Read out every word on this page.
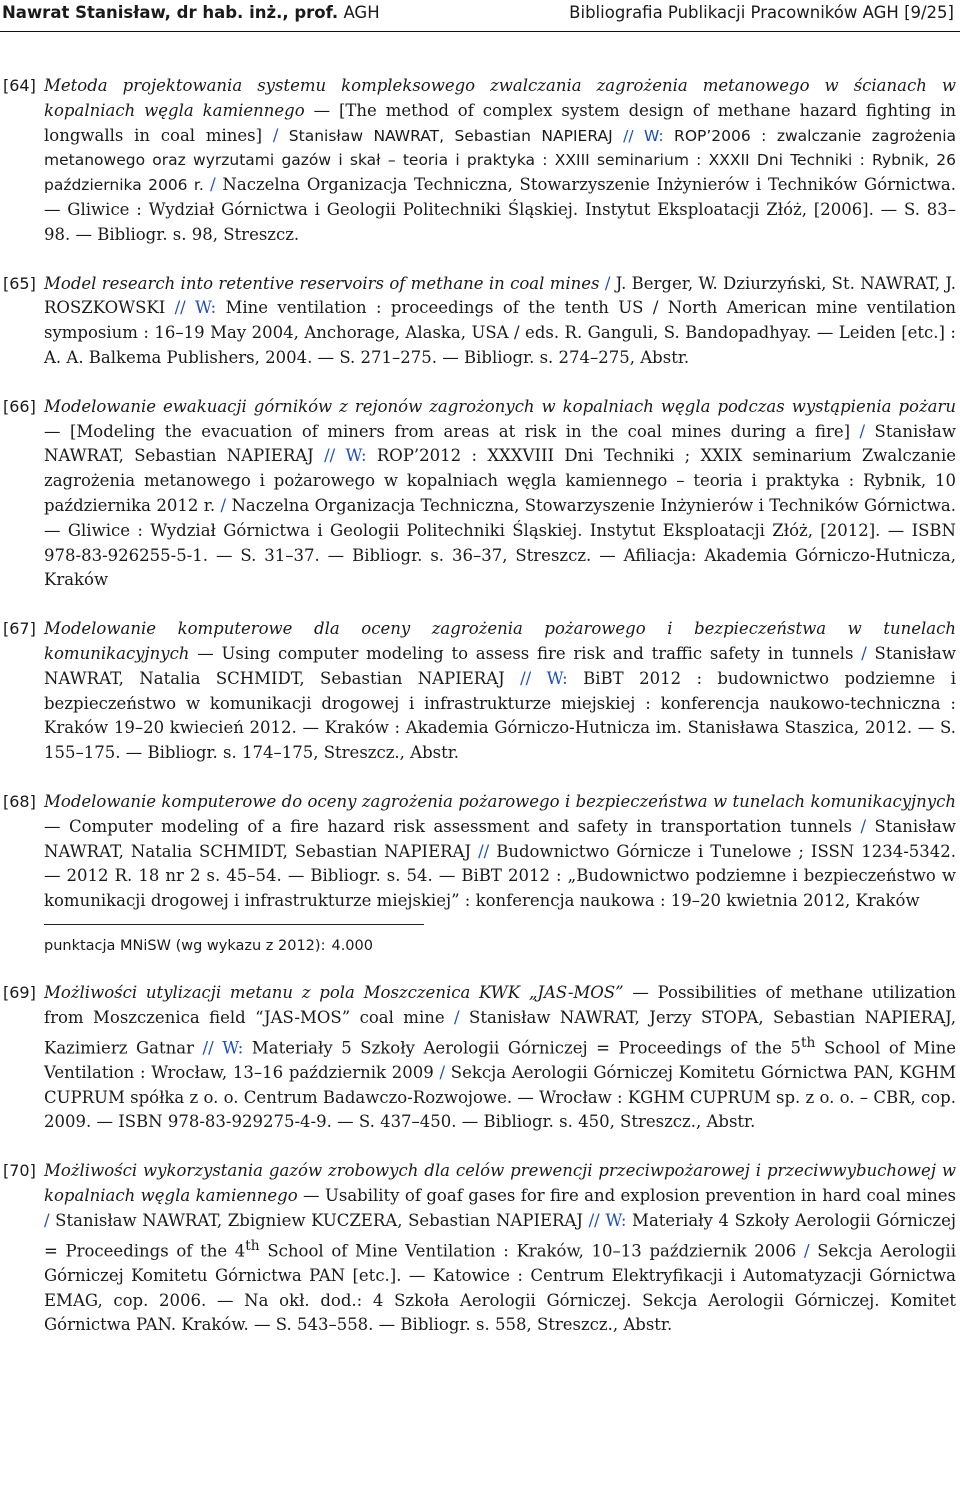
Nawrat Stanisław, dr hab. inż., prof. AGH	Bibliografia Publikacji Pracowników AGH [9/25]
[64] Metoda projektowania systemu kompleksowego zwalczania zagrożenia metanowego w ścianach w kopalniach węgla kamiennego — [The method of complex system design of methane hazard fighting in longwalls in coal mines] / Stanisław NAWRAT, Sebastian NAPIERAJ // W: ROP’2006 : zwalczanie zagrożenia metanowego oraz wyrzutami gazów i skał – teoria i praktyka : XXIII seminarium : XXXII Dni Techniki : Rybnik, 26 października 2006 r. / Naczelna Organizacja Techniczna, Stowarzyszenie Inżynierów i Techników Górnictwa. — Gliwice : Wydział Górnictwa i Geologii Politechniki Śląskiej. Instytut Eksploatacji Złóż, [2006]. — S. 83–98. — Bibliogr. s. 98, Streszcz.
[65] Model research into retentive reservoirs of methane in coal mines / J. Berger, W. Dziurzyński, St. NAWRAT, J. ROSZKOWSKI // W: Mine ventilation : proceedings of the tenth US / North American mine ventilation symposium : 16–19 May 2004, Anchorage, Alaska, USA / eds. R. Ganguli, S. Bandopadhyay. — Leiden [etc.] : A. A. Balkema Publishers, 2004. — S. 271–275. — Bibliogr. s. 274–275, Abstr.
[66] Modelowanie ewakuacji górników z rejonów zagrożonych w kopalniach węgla podczas wystąpienia pożaru — [Modeling the evacuation of miners from areas at risk in the coal mines during a fire] / Stanisław NAWRAT, Sebastian NAPIERAJ // W: ROP’2012 : XXXVIII Dni Techniki ; XXIX seminarium Zwalczanie zagrożenia metanowego i pożarowego w kopalniach węgla kamiennego – teoria i praktyka : Rybnik, 10 października 2012 r. / Naczelna Organizacja Techniczna, Stowarzyszenie Inżynierów i Techników Górnictwa. — Gliwice : Wydział Górnictwa i Geologii Politechniki Śląskiej. Instytut Eksploatacji Złóż, [2012]. — ISBN 978-83-926255-5-1. — S. 31–37. — Bibliogr. s. 36–37, Streszcz. — Afiliacja: Akademia Górniczo-Hutnicza, Kraków
[67] Modelowanie komputerowe dla oceny zagrożenia pożarowego i bezpieczeństwa w tunelach komunikacyjnych — Using computer modeling to assess fire risk and traffic safety in tunnels / Stanisław NAWRAT, Natalia SCHMIDT, Sebastian NAPIERAJ // W: BiBT 2012 : budownictwo podziemne i bezpieczeństwo w komunikacji drogowej i infrastrukturze miejskiej : konferencja naukowo-techniczna : Kraków 19–20 kwiecień 2012. — Kraków : Akademia Górniczo-Hutnicza im. Stanisława Staszica, 2012. — S. 155–175. — Bibliogr. s. 174–175, Streszcz., Abstr.
[68] Modelowanie komputerowe do oceny zagrożenia pożarowego i bezpieczeństwa w tunelach komunikacyjnych — Computer modeling of a fire hazard risk assessment and safety in transportation tunnels / Stanisław NAWRAT, Natalia SCHMIDT, Sebastian NAPIERAJ // Budownictwo Górnicze i Tunelowe ; ISSN 1234-5342. — 2012 R. 18 nr 2 s. 45–54. — Bibliogr. s. 54. — BiBT 2012 : „Budownictwo podziemne i bezpieczeństwo w komunikacji drogowej i infrastrukturze miejskiej” : konferencja naukowa : 19–20 kwietnia 2012, Kraków
punktacja MNiSW (wg wykazu z 2012): 4.000
[69] Możliwości utylizacji metanu z pola Moszczenica KWK „JAS-MOS” — Possibilities of methane utilization from Moszczenica field “JAS-MOS” coal mine / Stanisław NAWRAT, Jerzy STOPA, Sebastian NAPIERAJ, Kazimierz Gatnar // W: Materiały 5 Szkoły Aerologii Górniczej = Proceedings of the 5th School of Mine Ventilation : Wrocław, 13–16 październik 2009 / Sekcja Aerologii Górniczej Komitetu Górnictwa PAN, KGHM CUPRUM spółka z o. o. Centrum Badawczo-Rozwojowe. — Wrocław : KGHM CUPRUM sp. z o. o. – CBR, cop. 2009. — ISBN 978-83-929275-4-9. — S. 437–450. — Bibliogr. s. 450, Streszcz., Abstr.
[70] Możliwości wykorzystania gazów zrobowych dla celów prewencji przeciwpożarowej i przeciwwybuchowej w kopalniach węgla kamiennego — Usability of goaf gases for fire and explosion prevention in hard coal mines / Stanisław NAWRAT, Zbigniew KUCZERA, Sebastian NAPIERAJ // W: Materiały 4 Szkoły Aerologii Górniczej = Proceedings of the 4th School of Mine Ventilation : Kraków, 10–13 październik 2006 / Sekcja Aerologii Górniczej Komitetu Górnictwa PAN [etc.]. — Katowice : Centrum Elektryfikacji i Automatyzacji Górnictwa EMAG, cop. 2006. — Na okł. dod.: 4 Szkoła Aerologii Górniczej. Sekcja Aerologii Górniczej. Komitet Górnictwa PAN. Kraków. — S. 543–558. — Bibliogr. s. 558, Streszcz., Abstr.
